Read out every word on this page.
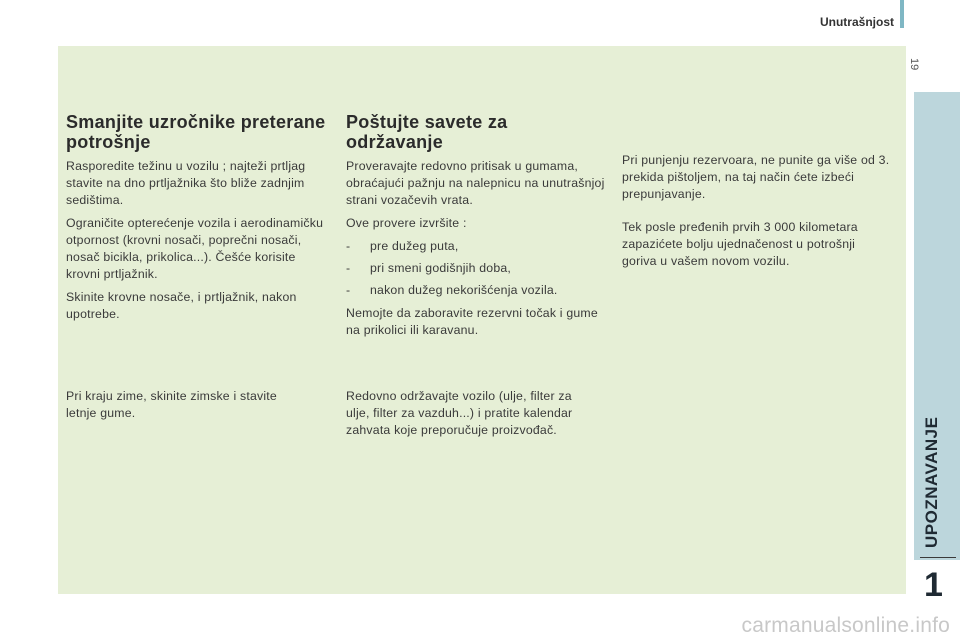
Unutrašnjost
19
UPOZNAVANJE
1
Smanjite uzročnike preterane potrošnje

Rasporedite težinu u vozilu ; najteži prtljag stavite na dno prtljažnika što bliže zadnjim sedištima.

Ograničite opterećenje vozila i aerodinamičku otpornost (krovni nosači, poprečni nosači, nosač bicikla, prikolica...). Češće korisite krovni prtljažnik.

Skinite krovne nosače, i prtljažnik, nakon upotrebe.

Pri kraju zime, skinite zimske i stavite letnje gume.

Poštujte savete za održavanje

Proveravajte redovno pritisak u gumama, obraćajući pažnju na nalepnicu na unutrašnjoj strani vozačevih vrata.

Ove provere izvršite :

- pre dužeg puta,
- pri smeni godišnjih doba,
- nakon dužeg nekorišćenja vozila.

Nemojte da zaboravite rezervni točak i gume na prikolici ili karavanu.

Redovno održavajte vozilo (ulje, filter za ulje, filter za vazduh...) i pratite kalendar zahvata koje preporučuje proizvođač.

Pri punjenju rezervoara, ne punite ga više od 3. prekida pištoljem, na taj način ćete izbeći prepunjavanje.

Tek posle pređenih prvih 3 000 kilometara zapazićete bolju ujednačenost u potrošnji goriva u vašem novom vozilu.

carmanualsonline.info
